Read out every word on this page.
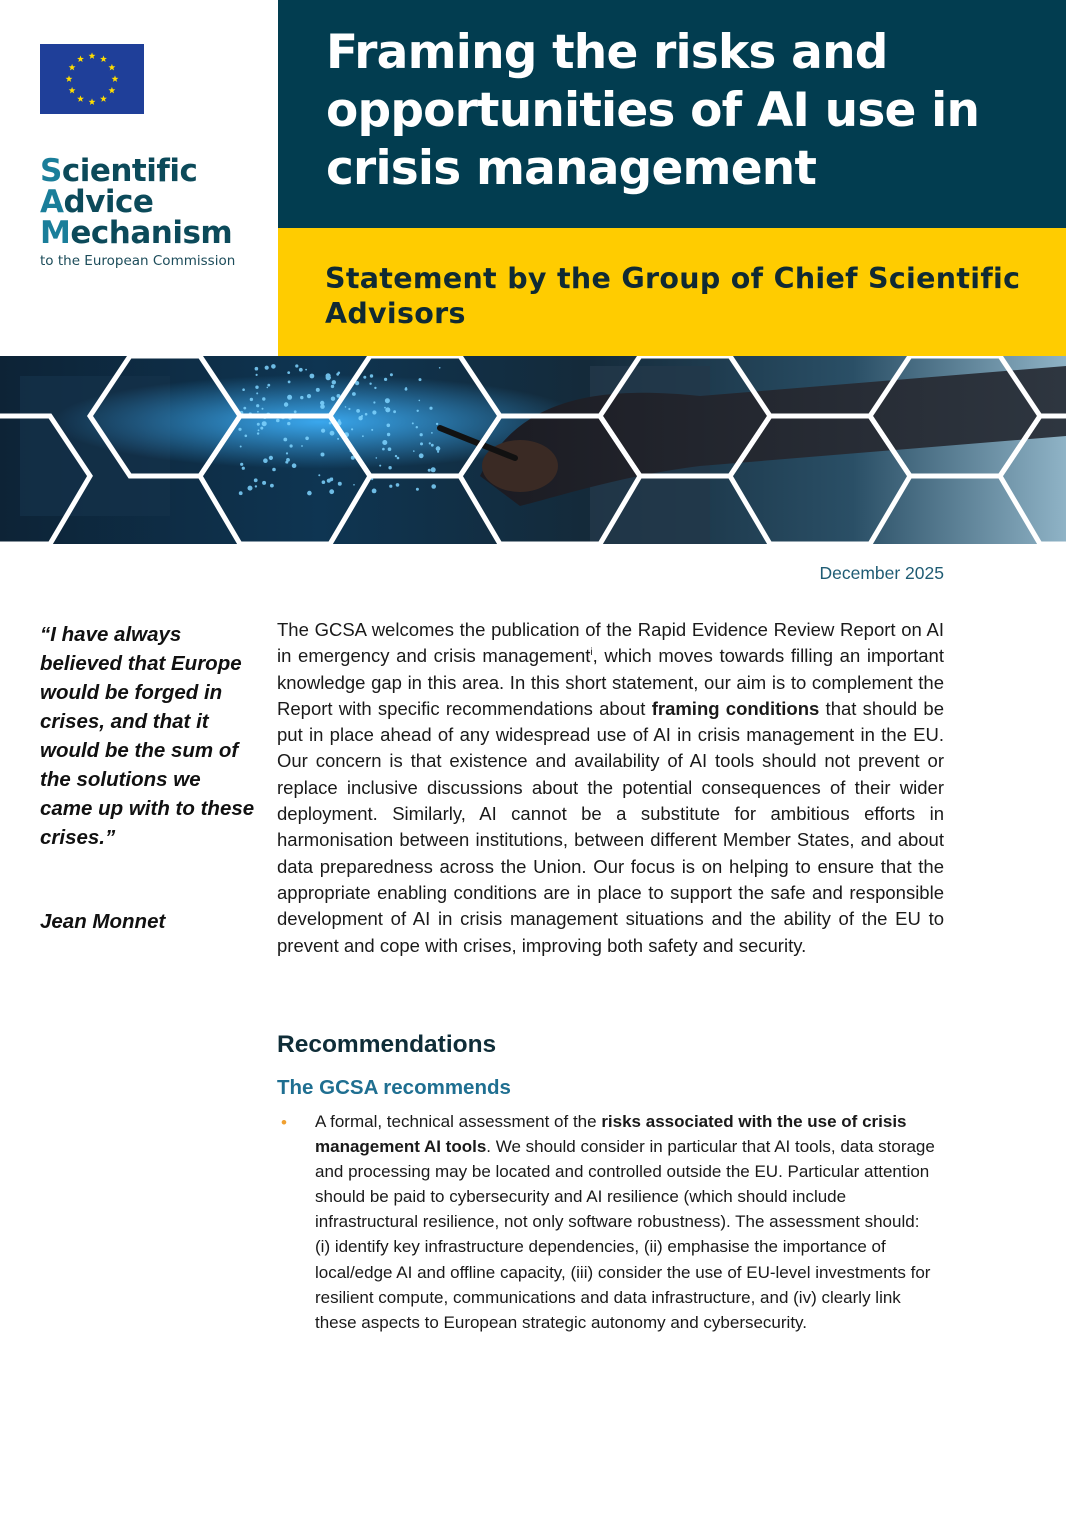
Scientific
Advice
Mechanism
to the European Commission
Framing the risks and opportunities of AI use in crisis management
Statement by the Group of Chief Scientific Advisors
December 2025
“I have always believed that Europe would be forged in crises, and that it would be the sum of the solutions we came up with to these crises.”
Jean Monnet

The GCSA welcomes the publication of the Rapid Evidence Review Report on AI in emergency and crisis management$^i$, which moves towards filling an important knowledge gap in this area. In this short statement, our aim is to complement the Report with specific recommendations about framing conditions that should be put in place ahead of any widespread use of AI in crisis management in the EU. Our concern is that existence and availability of AI tools should not prevent or replace inclusive discussions about the potential consequences of their wider deployment. Similarly, AI cannot be a substitute for ambitious efforts in harmonisation between institutions, between different Member States, and about data preparedness across the Union. Our focus is on helping to ensure that the appropriate enabling conditions are in place to support the safe and responsible development of AI in crisis management situations and the ability of the EU to prevent and cope with crises, improving both safety and security.

Recommendations
The GCSA recommends
• A formal, technical assessment of the risks associated with the use of crisis management AI tools. We should consider in particular that AI tools, data storage and processing may be located and controlled outside the EU. Particular attention should be paid to cybersecurity and AI resilience (which should include infrastructural resilience, not only software robustness). The assessment should: (i) identify key infrastructure dependencies, (ii) emphasise the importance of local/edge AI and offline capacity, (iii) consider the use of EU-level investments for resilient compute, communications and data infrastructure, and (iv) clearly link these aspects to European strategic autonomy and cybersecurity.
